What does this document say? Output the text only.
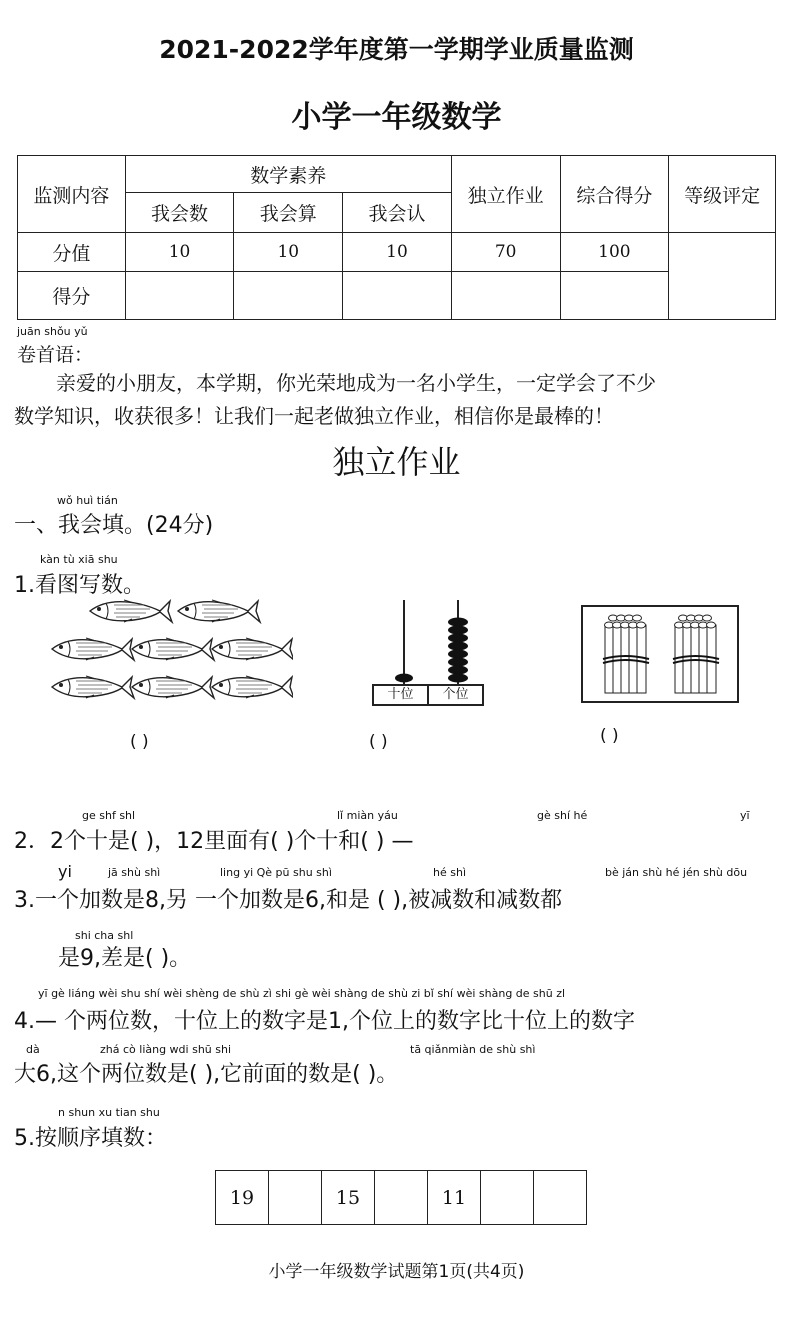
2021-2022学年度第一学期学业质量监测
小学一年级数学
监测内容	数学素养			独立作业	综合得分	等级评定
	我会数	我会算	我会认			
分值	10	10	10	70	100	
得分						
juān shǒu yǔ
卷首语：
亲爱的小朋友，本学期，你光荣地成为一名小学生，一定学会了不少
数学知识，收获很多！让我们一起老做独立作业，相信你是最棒的！
独立作业
wǒ huì tián
一、我会填。(24分)
kàn tù xiā shu
1.看图写数。
十位	个位
( )	( )	( )
ge shf shl	lǐ miàn yáu	gè shí hé	yī
2．2个十是( )，12里面有( )个十和( ) —
yi	jā shù shì	ling yi Qè pū shu shì	hé shì	bè ján shù hé jén shù dōu
3.一个加数是8,另 一个加数是6,和是 ( ),被减数和减数都
shi cha shl
是9,差是( )。
yī gè liáng wèi shu shí wèi shèng de shù zì shi gè wèi shàng de shù zi bǐ shí wèi shàng de shū zl
4.— 个两位数，十位上的数字是1,个位上的数字比十位上的数字
dà	zhá cò liàng wdi shū shi	tā qiǎnmiàn de shù shì
大6,这个两位数是( ),它前面的数是( )。
n shun xu tian shu
5.按顺序填数：
19		15		11		
小学一年级数学试题第1页(共4页)
